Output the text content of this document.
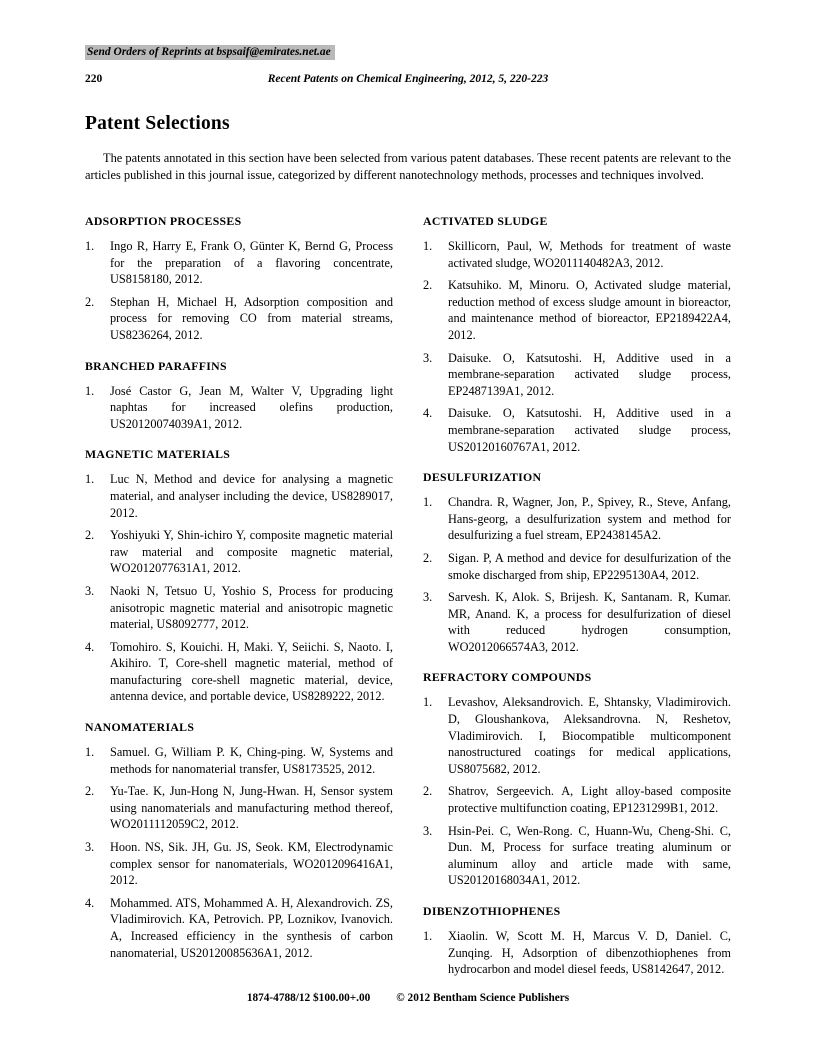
Send Orders of Reprints at bspsaif@emirates.net.ae
220	Recent Patents on Chemical Engineering, 2012, 5, 220-223
Patent Selections

The patents annotated in this section have been selected from various patent databases. These recent patents are relevant to the articles published in this journal issue, categorized by different nanotechnology methods, processes and techniques involved.

ADSORPTION PROCESSES
1.	Ingo R, Harry E, Frank O, Günter K, Bernd G, Process for the preparation of a flavoring concentrate, US8158180, 2012.
2.	Stephan H, Michael H, Adsorption composition and process for removing CO from material streams, US8236264, 2012.
BRANCHED PARAFFINS
1.	José Castor G, Jean M, Walter V, Upgrading light naphtas for increased olefins production, US20120074039A1, 2012.
MAGNETIC MATERIALS
1.	Luc N, Method and device for analysing a magnetic material, and analyser including the device, US8289017, 2012.
2.	Yoshiyuki Y, Shin-ichiro Y, composite magnetic material raw material and composite magnetic material, WO2012077631A1, 2012.
3.	Naoki N, Tetsuo U, Yoshio S, Process for producing anisotropic magnetic material and anisotropic magnetic material, US8092777, 2012.
4.	Tomohiro. S, Kouichi. H, Maki. Y, Seiichi. S, Naoto. I, Akihiro. T, Core-shell magnetic material, method of manufacturing core-shell magnetic material, device, antenna device, and portable device, US8289222, 2012.
NANOMATERIALS
1.	Samuel. G, William P. K, Ching-ping. W, Systems and methods for nanomaterial transfer, US8173525, 2012.
2.	Yu-Tae. K, Jun-Hong N, Jung-Hwan. H, Sensor system using nanomaterials and manufacturing method thereof, WO2011112059C2, 2012.
3.	Hoon. NS, Sik. JH, Gu. JS, Seok. KM, Electrodynamic complex sensor for nanomaterials, WO2012096416A1, 2012.
4.	Mohammed. ATS, Mohammed A. H, Alexandrovich. ZS, Vladimirovich. KA, Petrovich. PP, Loznikov, Ivanovich. A, Increased efficiency in the synthesis of carbon nanomaterial, US20120085636A1, 2012.
ACTIVATED SLUDGE
1.	Skillicorn, Paul, W, Methods for treatment of waste activated sludge, WO2011140482A3, 2012.
2.	Katsuhiko. M, Minoru. O, Activated sludge material, reduction method of excess sludge amount in bioreactor, and maintenance method of bioreactor, EP2189422A4, 2012.
3.	Daisuke. O, Katsutoshi. H, Additive used in a membrane-separation activated sludge process, EP2487139A1, 2012.
4.	Daisuke. O, Katsutoshi. H, Additive used in a membrane-separation activated sludge process, US20120160767A1, 2012.
DESULFURIZATION
1.	Chandra. R, Wagner, Jon, P., Spivey, R., Steve, Anfang, Hans-georg, a desulfurization system and method for desulfurizing a fuel stream, EP2438145A2.
2.	Sigan. P, A method and device for desulfurization of the smoke discharged from ship, EP2295130A4, 2012.
3.	Sarvesh. K, Alok. S, Brijesh. K, Santanam. R, Kumar. MR, Anand. K, a process for desulfurization of diesel with reduced hydrogen consumption, WO2012066574A3, 2012.
REFRACTORY COMPOUNDS
1.	Levashov, Aleksandrovich. E, Shtansky, Vladimirovich. D, Gloushankova, Aleksandrovna. N, Reshetov, Vladimirovich. I, Biocompatible multicomponent nanostructured coatings for medical applications, US8075682, 2012.
2.	Shatrov, Sergeevich. A, Light alloy-based composite protective multifunction coating, EP1231299B1, 2012.
3.	Hsin-Pei. C, Wen-Rong. C, Huann-Wu, Cheng-Shi. C, Dun. M, Process for surface treating aluminum or aluminum alloy and article made with same, US20120168034A1, 2012.
DIBENZOTHIOPHENES
1.	Xiaolin. W, Scott M. H, Marcus V. D, Daniel. C, Zunqing. H, Adsorption of dibenzothiophenes from hydrocarbon and model diesel feeds, US8142647, 2012.
1874-4788/12 $100.00+.00 © 2012 Bentham Science Publishers
